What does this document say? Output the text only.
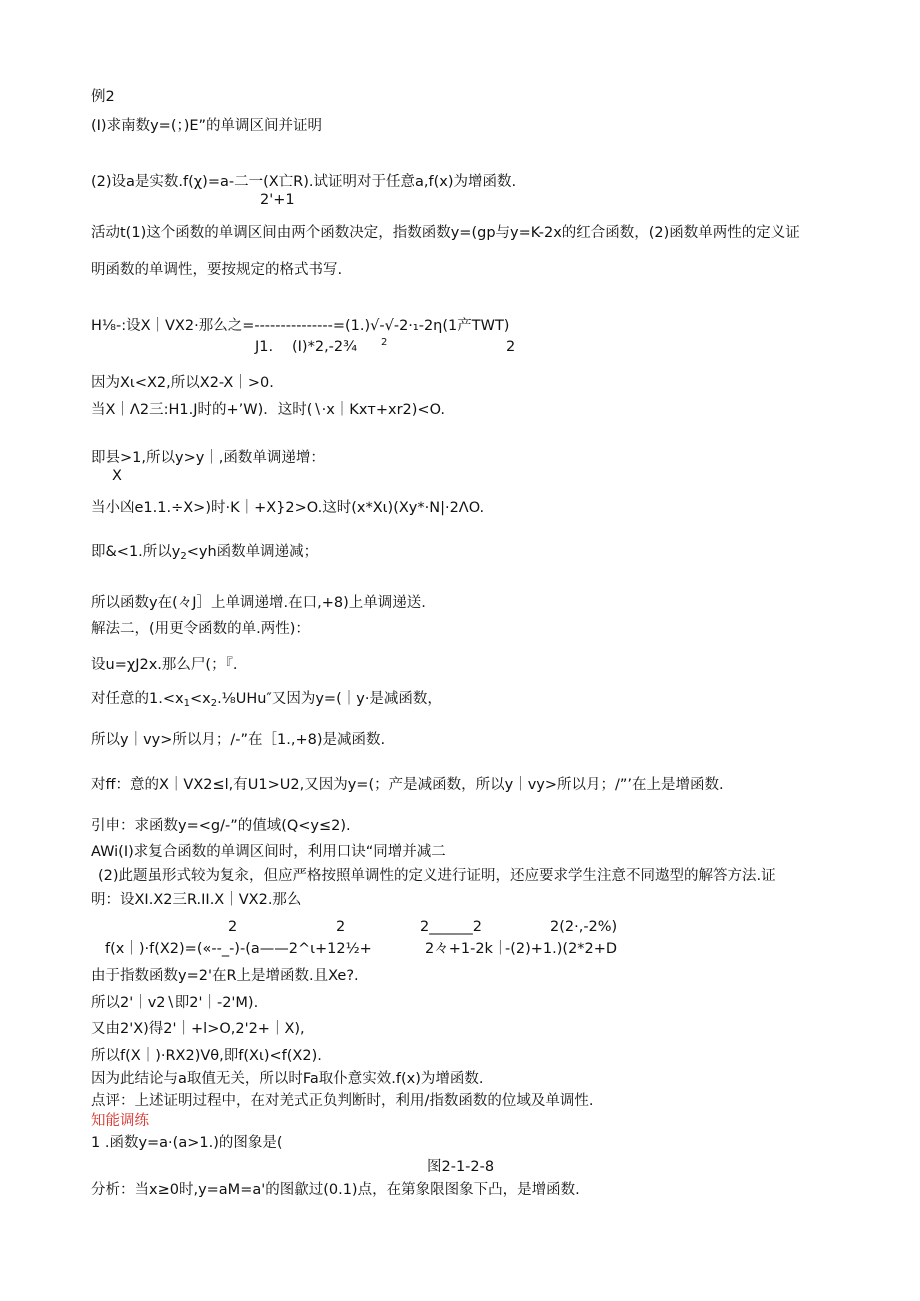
例2
(I)求南数y=(；)E”的单调区间并证明
(2)设a是实数.f(χ)=a-二一(X亡R).试证明对于任意a,f(x)为增函数.
2'+1
活动t(1)这个函数的单调区间由两个函数决定，指数函数y=(gp与y=K-2x的红合函数，(2)函数单两性的定义证
明函数的单调性，要按规定的格式书写.
H⅛-:设X｜VX2·那么之=---------------=(1.)√-√-2·₁-2η(1产TWT)
J1. (I)*2,-2¾ 2	2
因为Xι<X2,所以X2-X｜>0.
当X｜Λ2三:H1.J时的+’W)．这时(∖·x｜Kxт+xr2)<O.
即县>1,所以y>y｜,函数单调递增：
X
当小凶e1.1.÷X>)时·K｜+X}2>O.这时(x*Xι)(Xy*·N|·2ΛO.
即&<1.所以$y_2<yh$函数单调递减；
所以函数y在(々J］上单调递增.在口,+8)上单调递送.
解法二，(用更令函数的单.两性)：
设u=χJ2x.那么尸(；『.
对任意的$1.<x_1<x_2.\frac{1}{8}UHu''$又因为y=(｜y·是减函数，
所以y｜vy>所以月；/-”在［1.,+8)是减函数.
对ff：意的X｜VX2≤l,有U1>U2,又因为y=(；产是减函数，所以y｜vy>所以月；/”’在上是增函数.
引申：求函数y=<g∕-”的值域(Q<y≤2).
AWi(I)求复合函数的单调区间时，利用口诀“同增并减二
(2)此题虽形式较为复汆，但应严格按照单调性的定义进行证明，还应要求学生注意不同遨型的解答方法.证
明：设XI.X2三R.II.X｜VX2.那么
2	2	2______2	2(2·,-2%)
f(x｜)·f(X2)=(«--_-)-(a——2^ι+12½+	2々+1-2k｜
-(2)+1.)(2*2+D
由于指数函数y=2'在R上是增函数.且Xe?.
所以2'｜v2∖即2'｜-2'M).
又由2'X)得2'｜+l>O,2'2+｜X),
所以f(X｜)·RX2)Vθ,即f(Xι)<f(X2).
因为此结论与a取值无关，所以时Fa取仆意实效.f(x)为增函数.
点评：上述证明过程中，在对羌式正负判断时，利用/指数函数的位域及单调性.
知能调练
1 .函数y=a·(a>1.)的图象是(
图2-1-2-8
分析：当x≥0时,y=aM=a'的图歙过(0.1)点，在第象限图象下凸，是增函数.
